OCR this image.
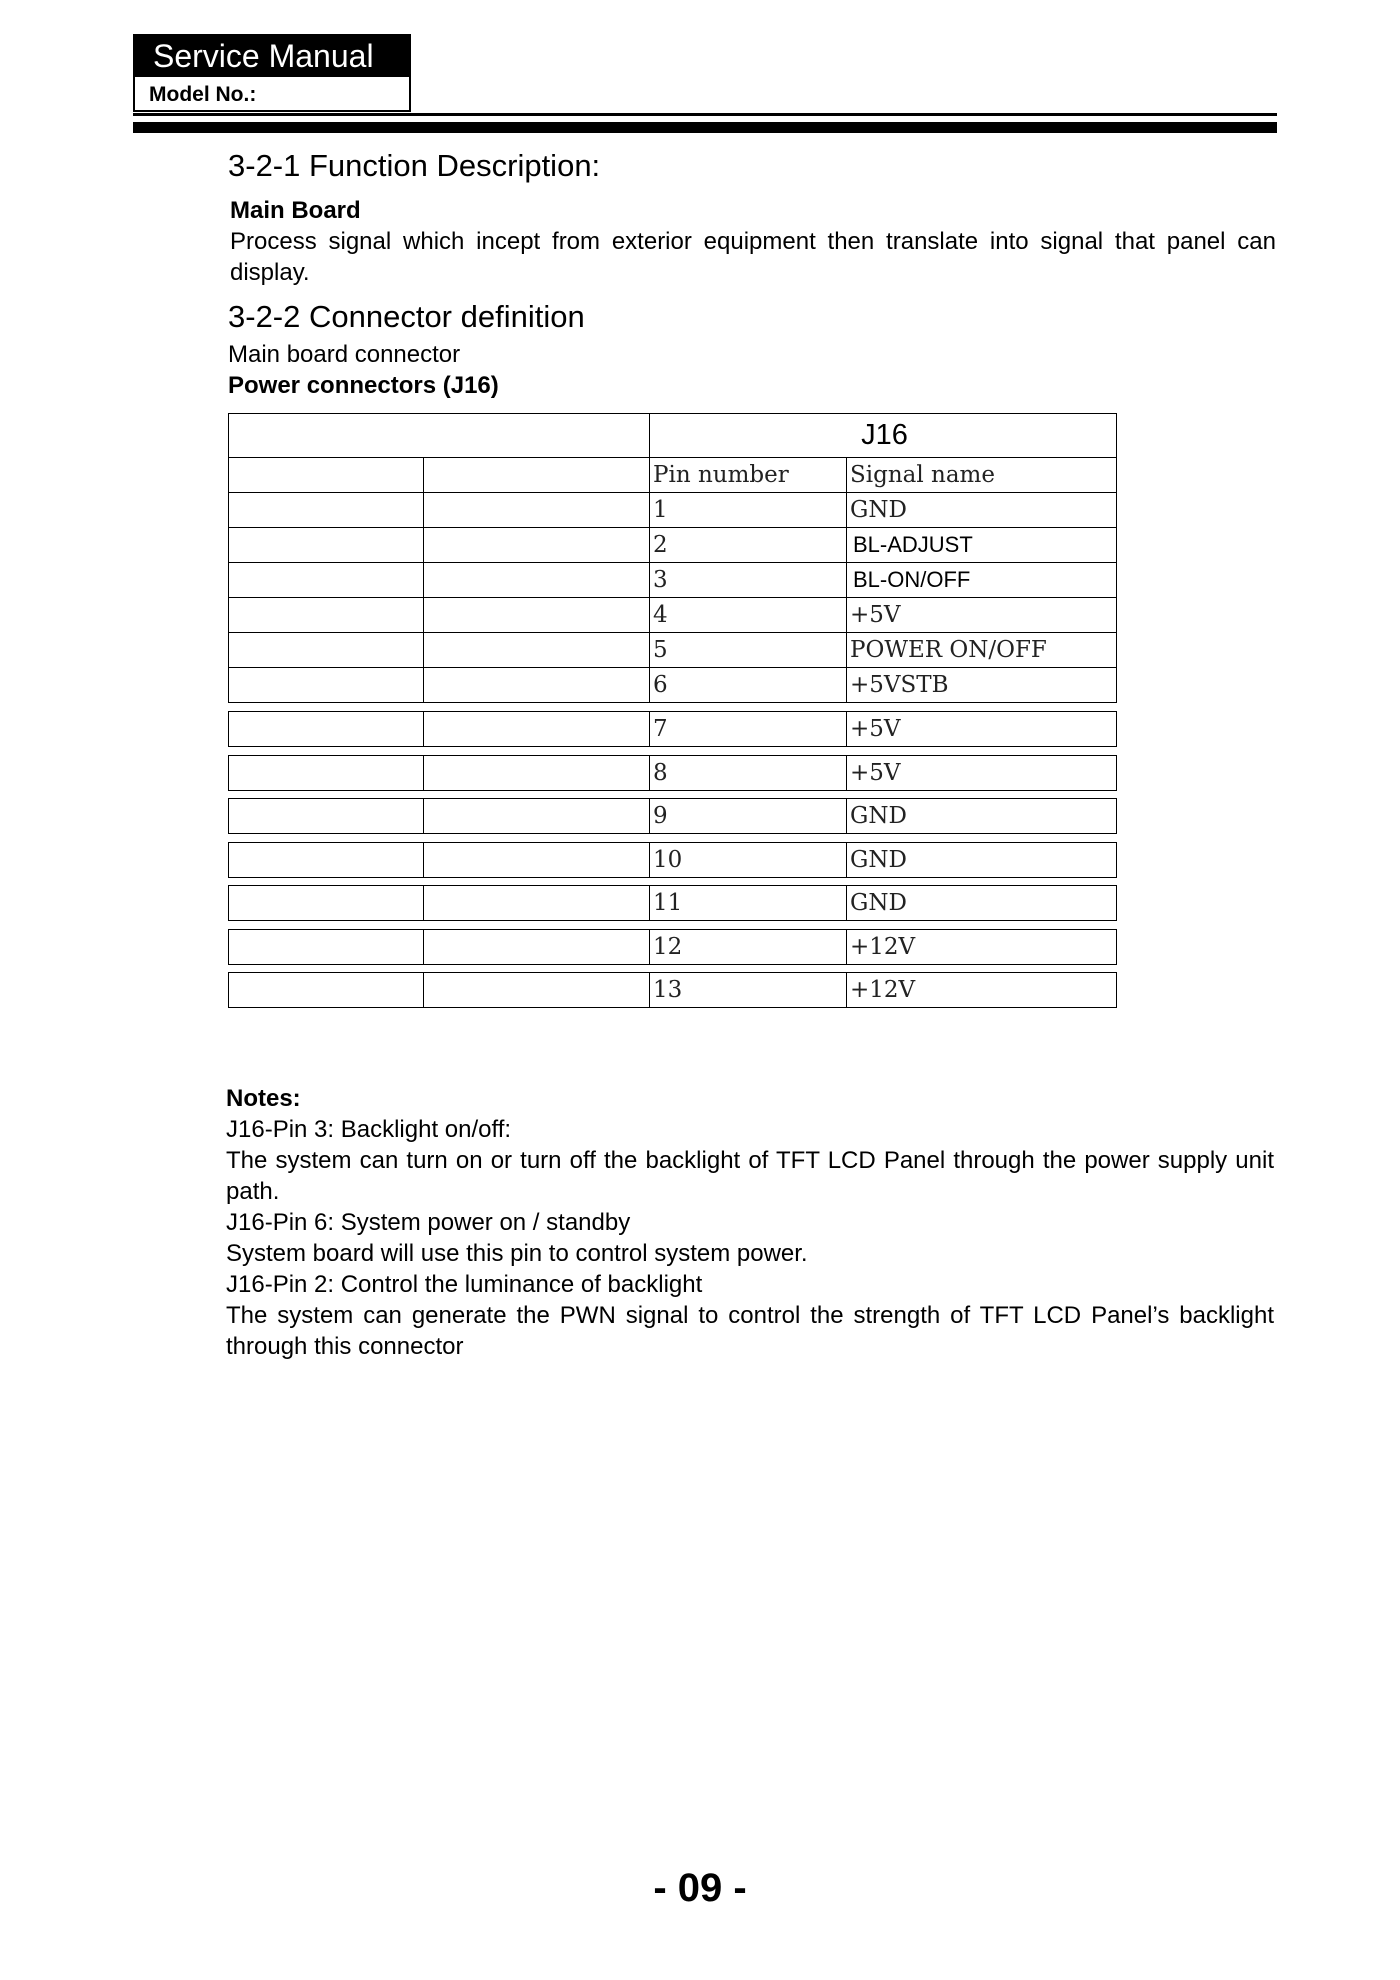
Service Manual
Model No.:
3-2-1 Function Description:
Main Board
Process signal which incept from exterior equipment then translate into signal that panel can display.
3-2-2 Connector definition
Main board connector
Power connectors (J16)
		J16	
		Pin number	Signal name
		1	GND
		2	BL-ADJUST
		3	BL-ON/OFF
		4	+5V
		5	POWER ON/OFF
		6	+5VSTB
		7	+5V
		8	+5V
		9	GND
		10	GND
		11	GND
		12	+12V
		13	+12V
Notes:
J16-Pin 3: Backlight on/off:
The system can turn on or turn off the backlight of TFT LCD Panel through the power supply unit path.
J16-Pin 6: System power on / standby
System board will use this pin to control system power.
J16-Pin 2: Control the luminance of backlight
The system can generate the PWN signal to control the strength of TFT LCD Panel’s backlight through this connector
- 09 -
